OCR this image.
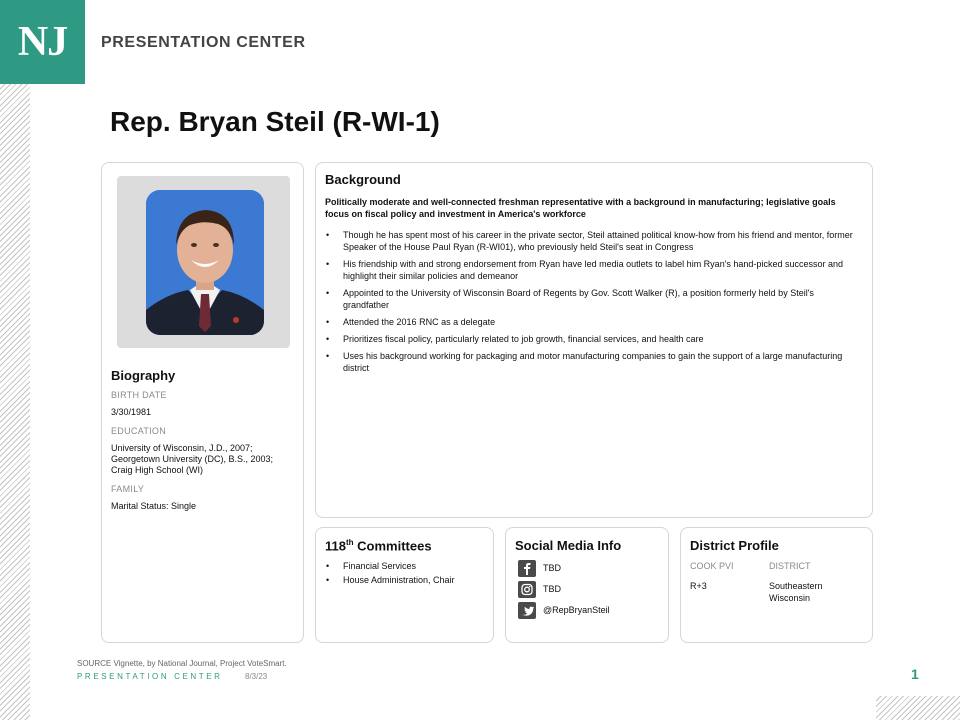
NJ PRESENTATION CENTER
Rep. Bryan Steil (R-WI-1)
Biography
BIRTH DATE
3/30/1981
EDUCATION
University of Wisconsin, J.D., 2007; Georgetown University (DC), B.S., 2003; Craig High School (WI)
FAMILY
Marital Status: Single
Background
Politically moderate and well-connected freshman representative with a background in manufacturing; legislative goals focus on fiscal policy and investment in America's workforce
• Though he has spent most of his career in the private sector, Steil attained political know-how from his friend and mentor, former Speaker of the House Paul Ryan (R-WI01), who previously held Steil's seat in Congress
• His friendship with and strong endorsement from Ryan have led media outlets to label him Ryan's hand-picked successor and highlight their similar policies and demeanor
• Appointed to the University of Wisconsin Board of Regents by Gov. Scott Walker (R), a position formerly held by Steil's grandfather
• Attended the 2016 RNC as a delegate
• Prioritizes fiscal policy, particularly related to job growth, financial services, and health care
• Uses his background working for packaging and motor manufacturing companies to gain the support of a large manufacturing district
118th Committees
• Financial Services
• House Administration, Chair
Social Media Info
TBD
TBD
@RepBryanSteil
District Profile
COOK PVI	DISTRICT
R+3	Southeastern Wisconsin
SOURCE Vignette, by National Journal, Project VoteSmart.
PRESENTATION CENTER	8/3/23	1
